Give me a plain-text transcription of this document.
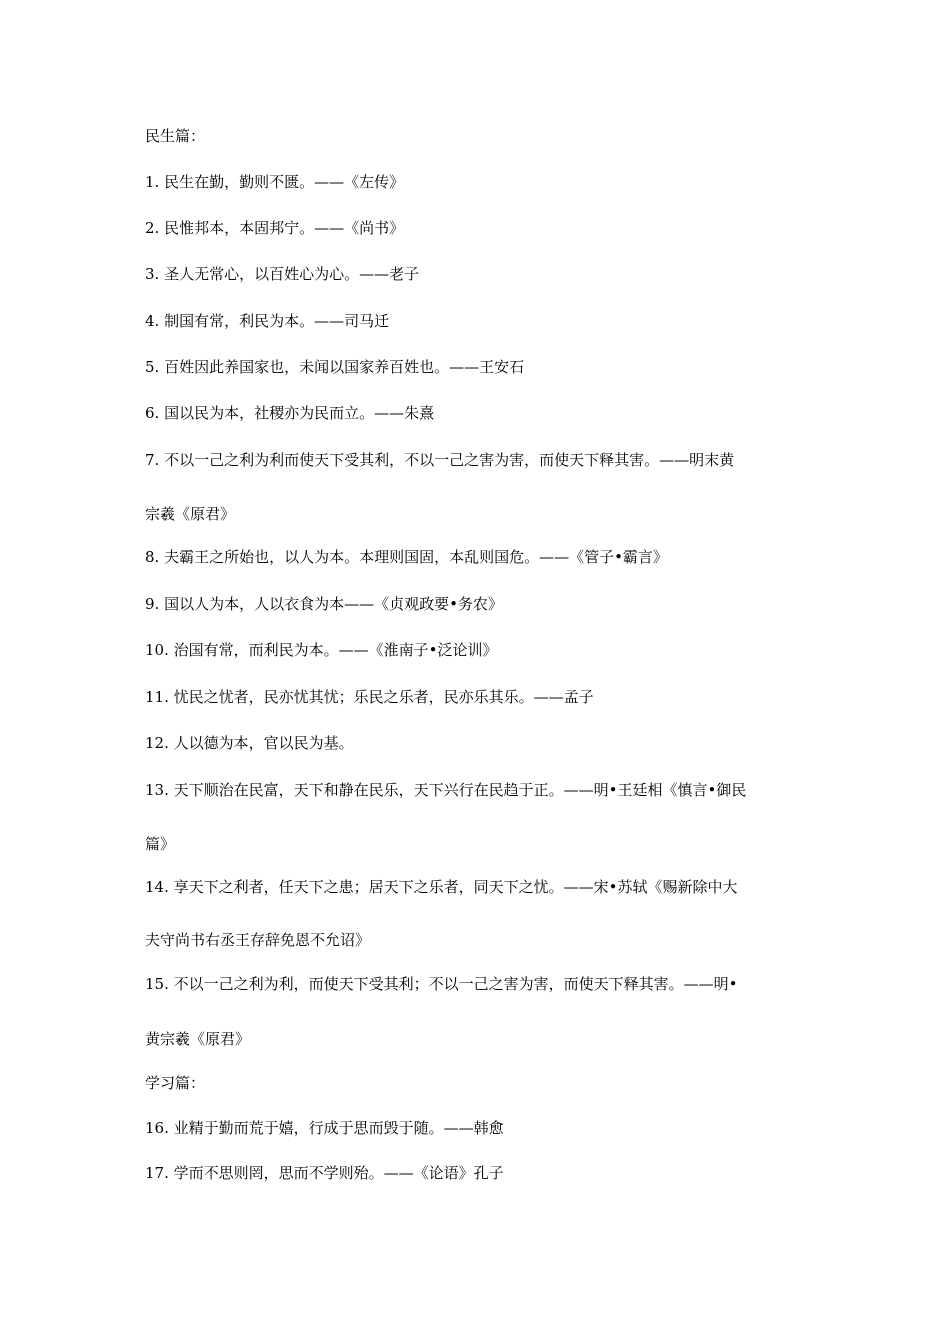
民生篇：
1. 民生在勤，勤则不匮。——《左传》
2. 民惟邦本，本固邦宁。——《尚书》
3. 圣人无常心，以百姓心为心。——老子
4. 制国有常，利民为本。——司马迁
5. 百姓因此养国家也，未闻以国家养百姓也。——王安石
6. 国以民为本，社稷亦为民而立。——朱熹
7. 不以一己之利为利而使天下受其利，不以一己之害为害，而使天下释其害。——明末黄
宗羲《原君》
8. 夫霸王之所始也，以人为本。本理则国固，本乱则国危。——《管子•霸言》
9. 国以人为本，人以衣食为本——《贞观政要•务农》
10. 治国有常，而利民为本。——《淮南子•泛论训》
11. 忧民之忧者，民亦忧其忧；乐民之乐者，民亦乐其乐。——孟子
12. 人以德为本，官以民为基。
13. 天下顺治在民富，天下和静在民乐，天下兴行在民趋于正。——明•王廷相《慎言•御民
篇》
14. 享天下之利者，任天下之患；居天下之乐者，同天下之忧。——宋•苏轼《赐新除中大
夫守尚书右丞王存辞免恩不允诏》
15. 不以一己之利为利，而使天下受其利；不以一己之害为害，而使天下释其害。——明•
黄宗羲《原君》
学习篇：
16. 业精于勤而荒于嬉，行成于思而毁于随。——韩愈
17. 学而不思则罔，思而不学则殆。——《论语》孔子
